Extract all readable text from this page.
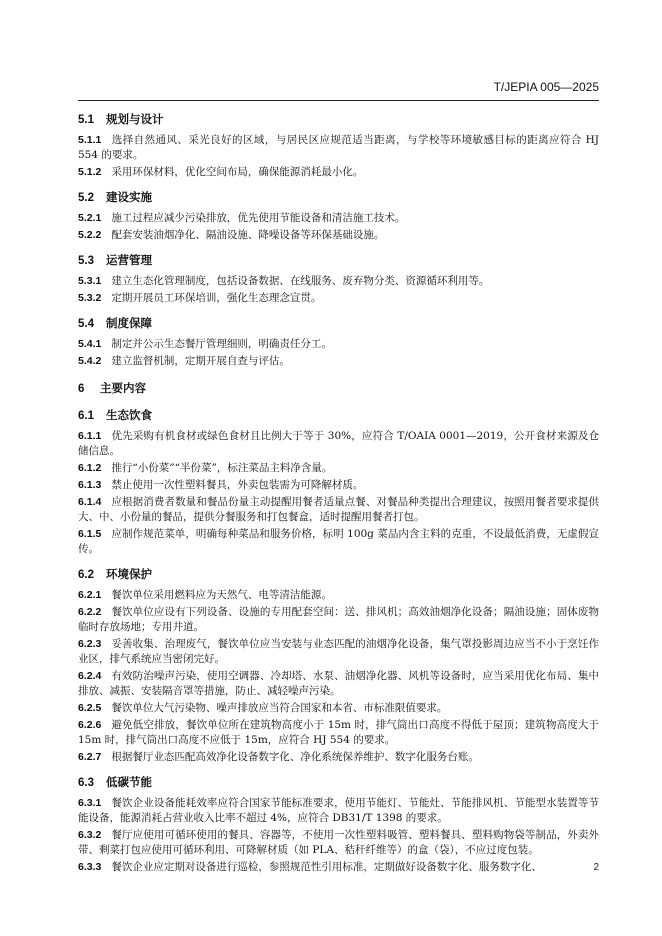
T/JEPIA 005—2025
5.1 规划与设计
5.1.1 选择自然通风、采光良好的区域，与居民区应规范适当距离，与学校等环境敏感目标的距离应符合 HJ 554 的要求。
5.1.2 采用环保材料，优化空间布局，确保能源消耗最小化。
5.2 建设实施
5.2.1 施工过程应减少污染排放，优先使用节能设备和清洁施工技术。
5.2.2 配套安装油烟净化、隔油设施、降噪设备等环保基础设施。
5.3 运营管理
5.3.1 建立生态化管理制度，包括设备数据、在线服务、废弃物分类、资源循环利用等。
5.3.2 定期开展员工环保培训，强化生态理念宣贯。
5.4 制度保障
5.4.1 制定并公示生态餐厅管理细则，明确责任分工。
5.4.2 建立监督机制，定期开展自查与评估。
6 主要内容
6.1 生态饮食
6.1.1 优先采购有机食材或绿色食材且比例大于等于 30%，应符合 T/OAIA 0001—2019，公开食材来源及仓储信息。
6.1.2 推行“小份菜”“半份菜”，标注菜品主料净含量。
6.1.3 禁止使用一次性塑料餐具，外卖包装需为可降解材质。
6.1.4 应根据消费者数量和餐品份量主动提醒用餐者适量点餐、对餐品种类提出合理建议，按照用餐者要求提供大、中、小份量的餐品，提供分餐服务和打包餐盒，适时提醒用餐者打包。
6.1.5 应制作规范菜单，明确每种菜品和服务价格，标明 100g 菜品内含主料的克重，不设最低消费，无虚假宣传。
6.2 环境保护
6.2.1 餐饮单位采用燃料应为天然气、电等清洁能源。
6.2.2 餐饮单位应设有下列设备、设施的专用配套空间：送、排风机；高效油烟净化设备；隔油设施；固体废物临时存放场地；专用井道。
6.2.3 妥善收集、治理废气，餐饮单位应当安装与业态匹配的油烟净化设备，集气罩投影周边应当不小于烹饪作业区，排气系统应当密闭完好。
6.2.4 有效防治噪声污染，使用空调器、冷却塔、水泵、油烟净化器、风机等设备时，应当采用优化布局、集中排放、减振、安装隔音罩等措施，防止、减轻噪声污染。
6.2.5 餐饮单位大气污染物、噪声排放应当符合国家和本省、市标准限值要求。
6.2.6 避免低空排放，餐饮单位所在建筑物高度小于 15m 时，排气筒出口高度不得低于屋顶；建筑物高度大于 15m 时，排气筒出口高度不应低于 15m，应符合 HJ 554 的要求。
6.2.7 根据餐厅业态匹配高效净化设备数字化、净化系统保养维护、数字化服务台账。
6.3 低碳节能
6.3.1 餐饮企业设备能耗效率应符合国家节能标准要求，使用节能灯、节能灶、节能排风机、节能型水装置等节能设备，能源消耗占营业收入比率不超过 4%，应符合 DB31/T 1398 的要求。
6.3.2 餐厅应使用可循环使用的餐具、容器等，不使用一次性塑料吸管、塑料餐具、塑料购物袋等制品，外卖外带、剩菜打包应使用可循环利用、可降解材质（如 PLA、秸秆纤维等）的盒（袋），不应过度包装。
6.3.3 餐饮企业应定期对设备进行巡检，参照规范性引用标准，定期做好设备数字化、服务数字化、	2
